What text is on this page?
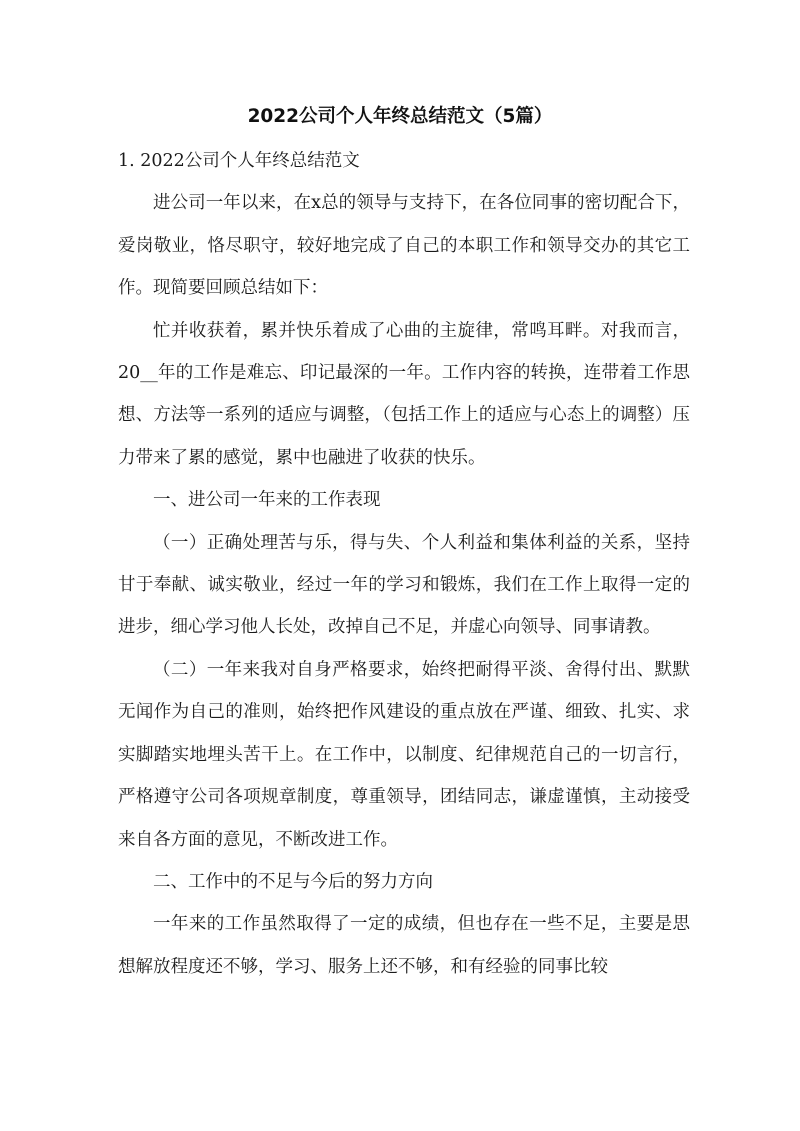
2022公司个人年终总结范文（5篇）

1. 2022公司个人年终总结范文

进公司一年以来，在x总的领导与支持下，在各位同事的密切配合下，爱岗敬业，恪尽职守，较好地完成了自己的本职工作和领导交办的其它工作。现简要回顾总结如下：

忙并收获着，累并快乐着成了心曲的主旋律，常鸣耳畔。对我而言，20__年的工作是难忘、印记最深的一年。工作内容的转换，连带着工作思想、方法等一系列的适应与调整，（包括工作上的适应与心态上的调整）压力带来了累的感觉，累中也融进了收获的快乐。

一、进公司一年来的工作表现

（一）正确处理苦与乐，得与失、个人利益和集体利益的关系，坚持甘于奉献、诚实敬业，经过一年的学习和锻炼，我们在工作上取得一定的进步，细心学习他人长处，改掉自己不足，并虚心向领导、同事请教。

（二）一年来我对自身严格要求，始终把耐得平淡、舍得付出、默默无闻作为自己的准则，始终把作风建设的重点放在严谨、细致、扎实、求实脚踏实地埋头苦干上。在工作中，以制度、纪律规范自己的一切言行，严格遵守公司各项规章制度，尊重领导，团结同志，谦虚谨慎，主动接受来自各方面的意见，不断改进工作。

二、工作中的不足与今后的努力方向

一年来的工作虽然取得了一定的成绩，但也存在一些不足，主要是思想解放程度还不够，学习、服务上还不够，和有经验的同事比较
